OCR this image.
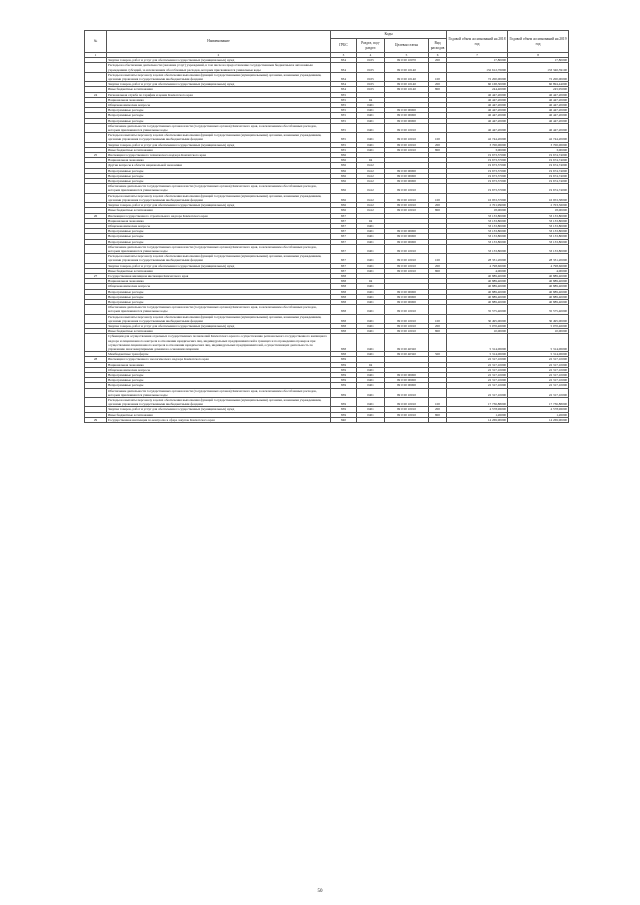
№	Наименование	Коды				Годовой объем ассигнований на 2018 год	Годовой объем ассигнований на 2019 год
		ГРБС	Раздел, под-раздел	Целевая статья	Вид расходов		
1	2	3	4	5	6	7	8
	Закупка товаров, работ и услуг для обеспечения государственных (муниципальных) нужд	834	0105	99 0 00 10070	200	17,80000	17,80000
	Расходы на обеспечение деятельности (оказание услуг) учреждений, в том числе на предоставление государственным бюджетным и автономным учреждениям субсидий, за исключением обособленных расходов, которым присваиваются уникальные коды	834	0105	99 0 00 10140		132 612,70000	133 340,39100
	Расходы на выплаты персоналу в целях обеспечения выполнения функций государственными (муниципальными) органами, казенными учреждениями, органами управления государственными внебюджетными фондами	834	0105	99 0 00 10140	100	72 200,00000	72 200,00000
	Закупка товаров, работ и услуг для обеспечения государственных (муниципальных) нужд	834	0105	99 0 00 10140	200	60 168,30000	60 894,44000
	Иные бюджетные ассигнования	834	0105	99 0 00 10140	800	244,40000	245,95000
24	Региональная служба по тарифам и ценам Камчатского края	835				46 447,20000	46 447,20000
	Национальная экономика	835	04			46 447,20000	46 447,20000
	Общеэкономические вопросы	835	0401			46 447,20000	46 447,20000
	Непрограммные расходы	835	0401	99 0 00 00000		46 447,20000	46 447,20000
	Непрограммные расходы	835	0401	99 0 00 00000		46 447,20000	46 447,20000
	Непрограммные расходы	835	0401	99 0 00 00000		46 447,20000	46 447,20000
	Обеспечение деятельности государственных органов власти (государственных органов) Камчатского края, за исключением обособленных расходов, которым присваиваются уникальные коды	835	0401	99 0 00 10010		46 447,20000	46 447,20000
	Расходы на выплаты персоналу в целях обеспечения выполнения функций государственными (муниципальными) органами, казенными учреждениями, органами управления государственными внебюджетными фондами	835	0401	99 0 00 10010	100	42 744,20000	42 744,20000
	Закупка товаров, работ и услуг для обеспечения государственных (муниципальных) нужд	835	0401	99 0 00 10010	200	3 700,00000	3 700,00000
	Иные бюджетные ассигнования	835	0401	99 0 00 10010	800	3,00000	3,00000
25	Инспекция государственного технического надзора Камчатского края	836				19 673,37000	19 674,74000
	Национальная экономика	836	04			19 673,37000	19 674,74000
	Другие вопросы в области национальной экономики	836	0412			19 673,37000	19 674,74000
	Непрограммные расходы	836	0412	99 0 00 00000		19 673,37000	19 674,74000
	Непрограммные расходы	836	0412	99 0 00 00000		19 673,37000	19 674,74000
	Непрограммные расходы	836	0412	99 0 00 00000		19 673,37000	19 674,74000
	Обеспечение деятельности государственных органов власти (государственных органов) Камчатского края, за исключением обособленных расходов, которым присваиваются уникальные коды	836	0412	99 0 00 10010		19 673,37000	19 674,74000
	Расходы на выплаты персоналу в целях обеспечения выполнения функций государственными (муниципальными) органами, казенными учреждениями, органами управления государственными внебюджетными фондами	836	0412	99 0 00 10010	100	16 953,37000	16 953,38000
	Закупка товаров, работ и услуг для обеспечения государственных (муниципальных) нужд	836	0412	99 0 00 10010	200	2 701,99000	2 703,36000
	Иные бюджетные ассигнования	836	0412	99 0 00 10010	800	18,00000	18,00000
26	Инспекция государственного строительного надзора Камчатского края	837				33 133,80000	33 133,80000
	Национальная экономика	837	04			33 133,80000	33 133,80000
	Общеэкономические вопросы	837	0401			33 133,80000	33 133,80000
	Непрограммные расходы	837	0401	99 0 00 00000		33 133,80000	33 133,80000
	Непрограммные расходы	837	0401	99 0 00 00000		33 133,80000	33 133,80000
	Непрограммные расходы	837	0401	99 0 00 00000		33 133,80000	33 133,80000
	Обеспечение деятельности государственных органов власти (государственных органов) Камчатского края, за исключением обособленных расходов, которым присваиваются уникальные коды	837	0401	99 0 00 10010		33 133,80000	33 133,80000
	Расходы на выплаты персоналу в целях обеспечения выполнения функций государственными (муниципальными) органами, казенными учреждениями, органами управления государственными внебюджетными фондами	837	0401	99 0 00 10010	100	28 331,20000	28 331,20000
	Закупка товаров, работ и услуг для обеспечения государственных (муниципальных) нужд	837	0401	99 0 00 10010	200	4 798,60000	4 798,60000
	Иные бюджетные ассигнования	837	0401	99 0 00 10010	800	4,00000	4,00000
27	Государственная жилищная инспекция Камчатского края	838				40 889,40000	40 889,40000
	Национальная экономика	838	04			40 889,40000	40 889,40000
	Общеэкономические вопросы	838	0401			40 889,40000	40 889,40000
	Непрограммные расходы	838	0401	99 0 00 00000		40 889,40000	40 889,40000
	Непрограммные расходы	838	0401	99 0 00 00000		40 889,40000	40 889,40000
	Непрограммные расходы	838	0401	99 0 00 00000		40 889,40000	40 889,40000
	Обеспечение деятельности государственных органов власти (государственных органов) Камчатского края, за исключением обособленных расходов, которым присваиваются уникальные коды	838	0401	99 0 00 10010		35 575,40000	35 575,40000
	Расходы на выплаты персоналу в целях обеспечения выполнения функций государственными (муниципальными) органами, казенными учреждениями, органами управления государственными внебюджетными фондами	838	0401	99 0 00 10010	100	30 495,00000	30 495,00000
	Закупка товаров, работ и услуг для обеспечения государственных (муниципальных) нужд	838	0401	99 0 00 10010	200	5 070,40000	5 070,40000
	Иные бюджетные ассигнования	838	0401	99 0 00 10010	800	10,00000	10,00000
	Субвенции для осуществления отдельных государственных полномочий Камчатского края по осуществлению регионального государственного жилищного надзора и лицензионного контроля в отношении юридических лиц, индивидуальных предпринимателей в границах и по проведению проверок при осуществлении лицензионного контроля в отношении юридических лиц, индивидуальных предпринимателей, осуществляющих деятельность по управлению многоквартирными домами на основании лицензии	838	0401	99 0 00 40320		5 314,00000	5 314,00000
	Межбюджетные трансферты	838	0401	99 0 00 40320	500	5 314,00000	5 314,00000
28	Инспекция государственного экологического надзора Камчатского края	839				22 317,10000	22 317,10000
	Национальная экономика	839	04			22 317,10000	22 317,10000
	Общеэкономические вопросы	839	0401			22 317,10000	22 317,10000
	Непрограммные расходы	839	0401	99 0 00 00000		22 317,10000	22 317,10000
	Непрограммные расходы	839	0401	99 0 00 00000		22 317,10000	22 317,10000
	Непрограммные расходы	839	0401	99 0 00 00000		22 317,10000	22 317,10000
	Обеспечение деятельности государственных органов власти (государственных органов) Камчатского края, за исключением обособленных расходов, которым присваиваются уникальные коды	839	0401	99 0 00 10010		22 317,10000	22 317,10000
	Расходы на выплаты персоналу в целях обеспечения выполнения функций государственными (муниципальными) органами, казенными учреждениями, органами управления государственными внебюджетными фондами	839	0401	99 0 00 10010	100	17 736,88000	17 736,88000
	Закупка товаров, работ и услуг для обеспечения государственных (муниципальных) нужд	839	0401	99 0 00 10010	200	4 578,96000	4 578,96000
	Иные бюджетные ассигнования	839	0401	99 0 00 10010	800	1,26000	1,26000
29	Государственная инспекция по контролю в сфере закупок Камчатского края	840				14 269,90000	14 269,90000
50
